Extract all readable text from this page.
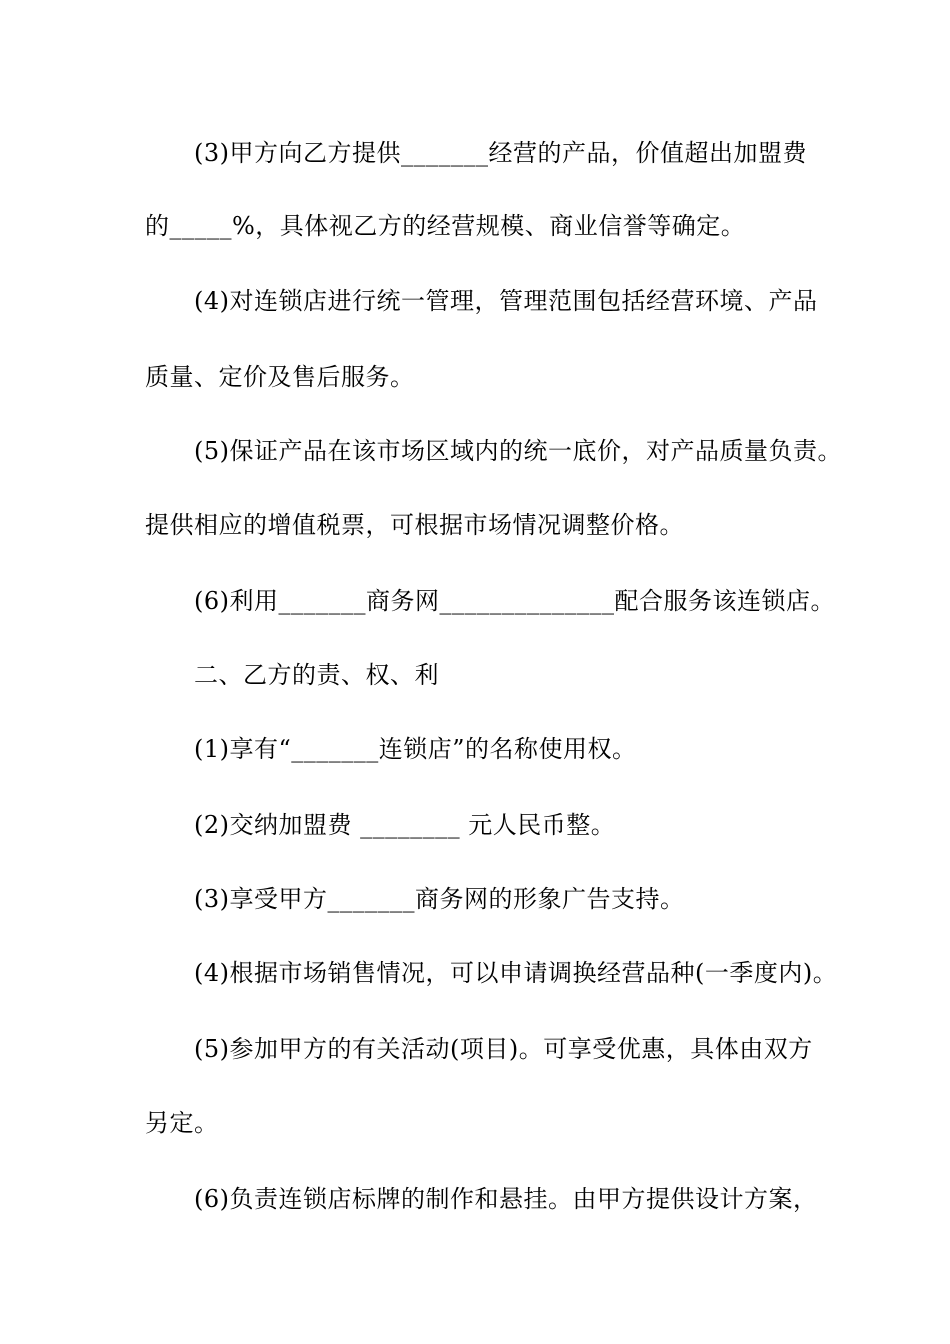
(3)甲方向乙方提供_______经营的产品，价值超出加盟费
的_____%，具体视乙方的经营规模、商业信誉等确定。
(4)对连锁店进行统一管理，管理范围包括经营环境、产品
质量、定价及售后服务。
(5)保证产品在该市场区域内的统一底价，对产品质量负责。
提供相应的增值税票，可根据市场情况调整价格。
(6)利用_______商务网______________配合服务该连锁店。
二、乙方的责、权、利
(1)享有“_______连锁店”的名称使用权。
(2)交纳加盟费 ________ 元人民币整。
(3)享受甲方_______商务网的形象广告支持。
(4)根据市场销售情况，可以申请调换经营品种(一季度内)。
(5)参加甲方的有关活动(项目)。可享受优惠，具体由双方
另定。
(6)负责连锁店标牌的制作和悬挂。由甲方提供设计方案，
